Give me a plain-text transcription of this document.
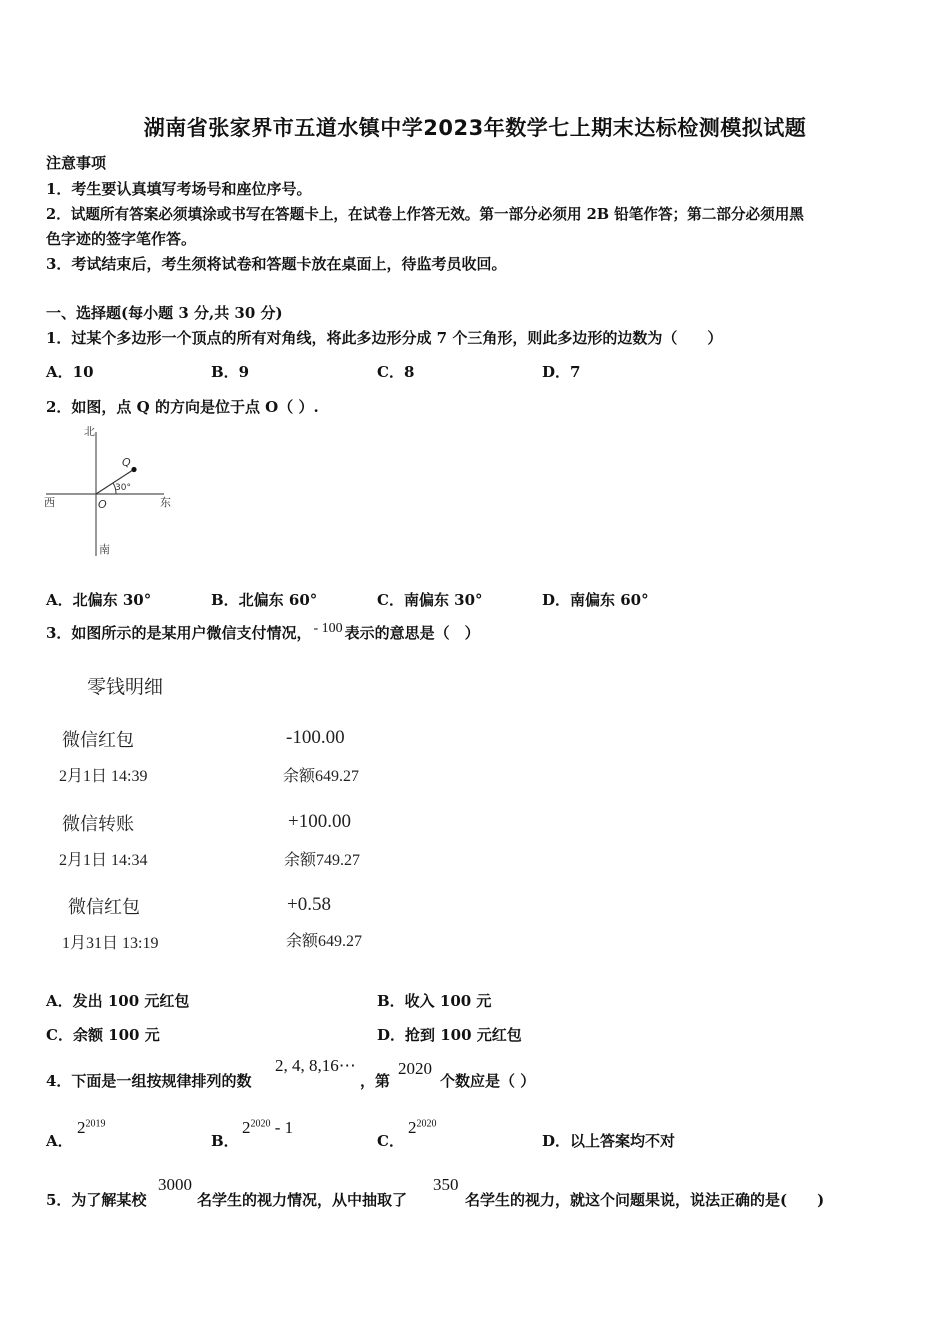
湖南省张家界市五道水镇中学2023年数学七上期末达标检测模拟试题
注意事项
1．考生要认真填写考场号和座位序号。
2．试题所有答案必须填涂或书写在答题卡上，在试卷上作答无效。第一部分必须用 2B 铅笔作答；第二部分必须用黑
色字迹的签字笔作答。
3．考试结束后，考生须将试卷和答题卡放在桌面上，待监考员收回。
一、选择题(每小题 3 分,共 30 分)
1．过某个多边形一个顶点的所有对角线，将此多边形分成 7 个三角形，则此多边形的边数为（　　）
A．10	B．9	C．8	D．7
2．如图，点 Q 的方向是位于点 O（ ）.
北
南
西	东
O
Q
30°
A．北偏东 30°	B．北偏东 60°	C．南偏东 30°	D．南偏东 60°
3．如图所示的是某用户微信支付情况， - 100 表示的意思是（　）
零钱明细
微信红包	-100.00
2月1日 14:39	余额649.27
微信转账	+100.00
2月1日 14:34	余额749.27
微信红包	+0.58
1月31日 13:19	余额649.27
A．发出 100 元红包	B．收入 100 元
C．余额 100 元	D．抢到 100 元红包
4．下面是一组按规律排列的数
2, 4, 8,16⋯
，第
2020
个数应是（ ）
A．
$2^{2019}$
B．
$2^{2020} - 1$
C．
$2^{2020}$
D．以上答案均不对
5．为了解某校
3000
名学生的视力情况，从中抽取了
350
名学生的视力，就这个问题果说，说法正确的是(　　)
